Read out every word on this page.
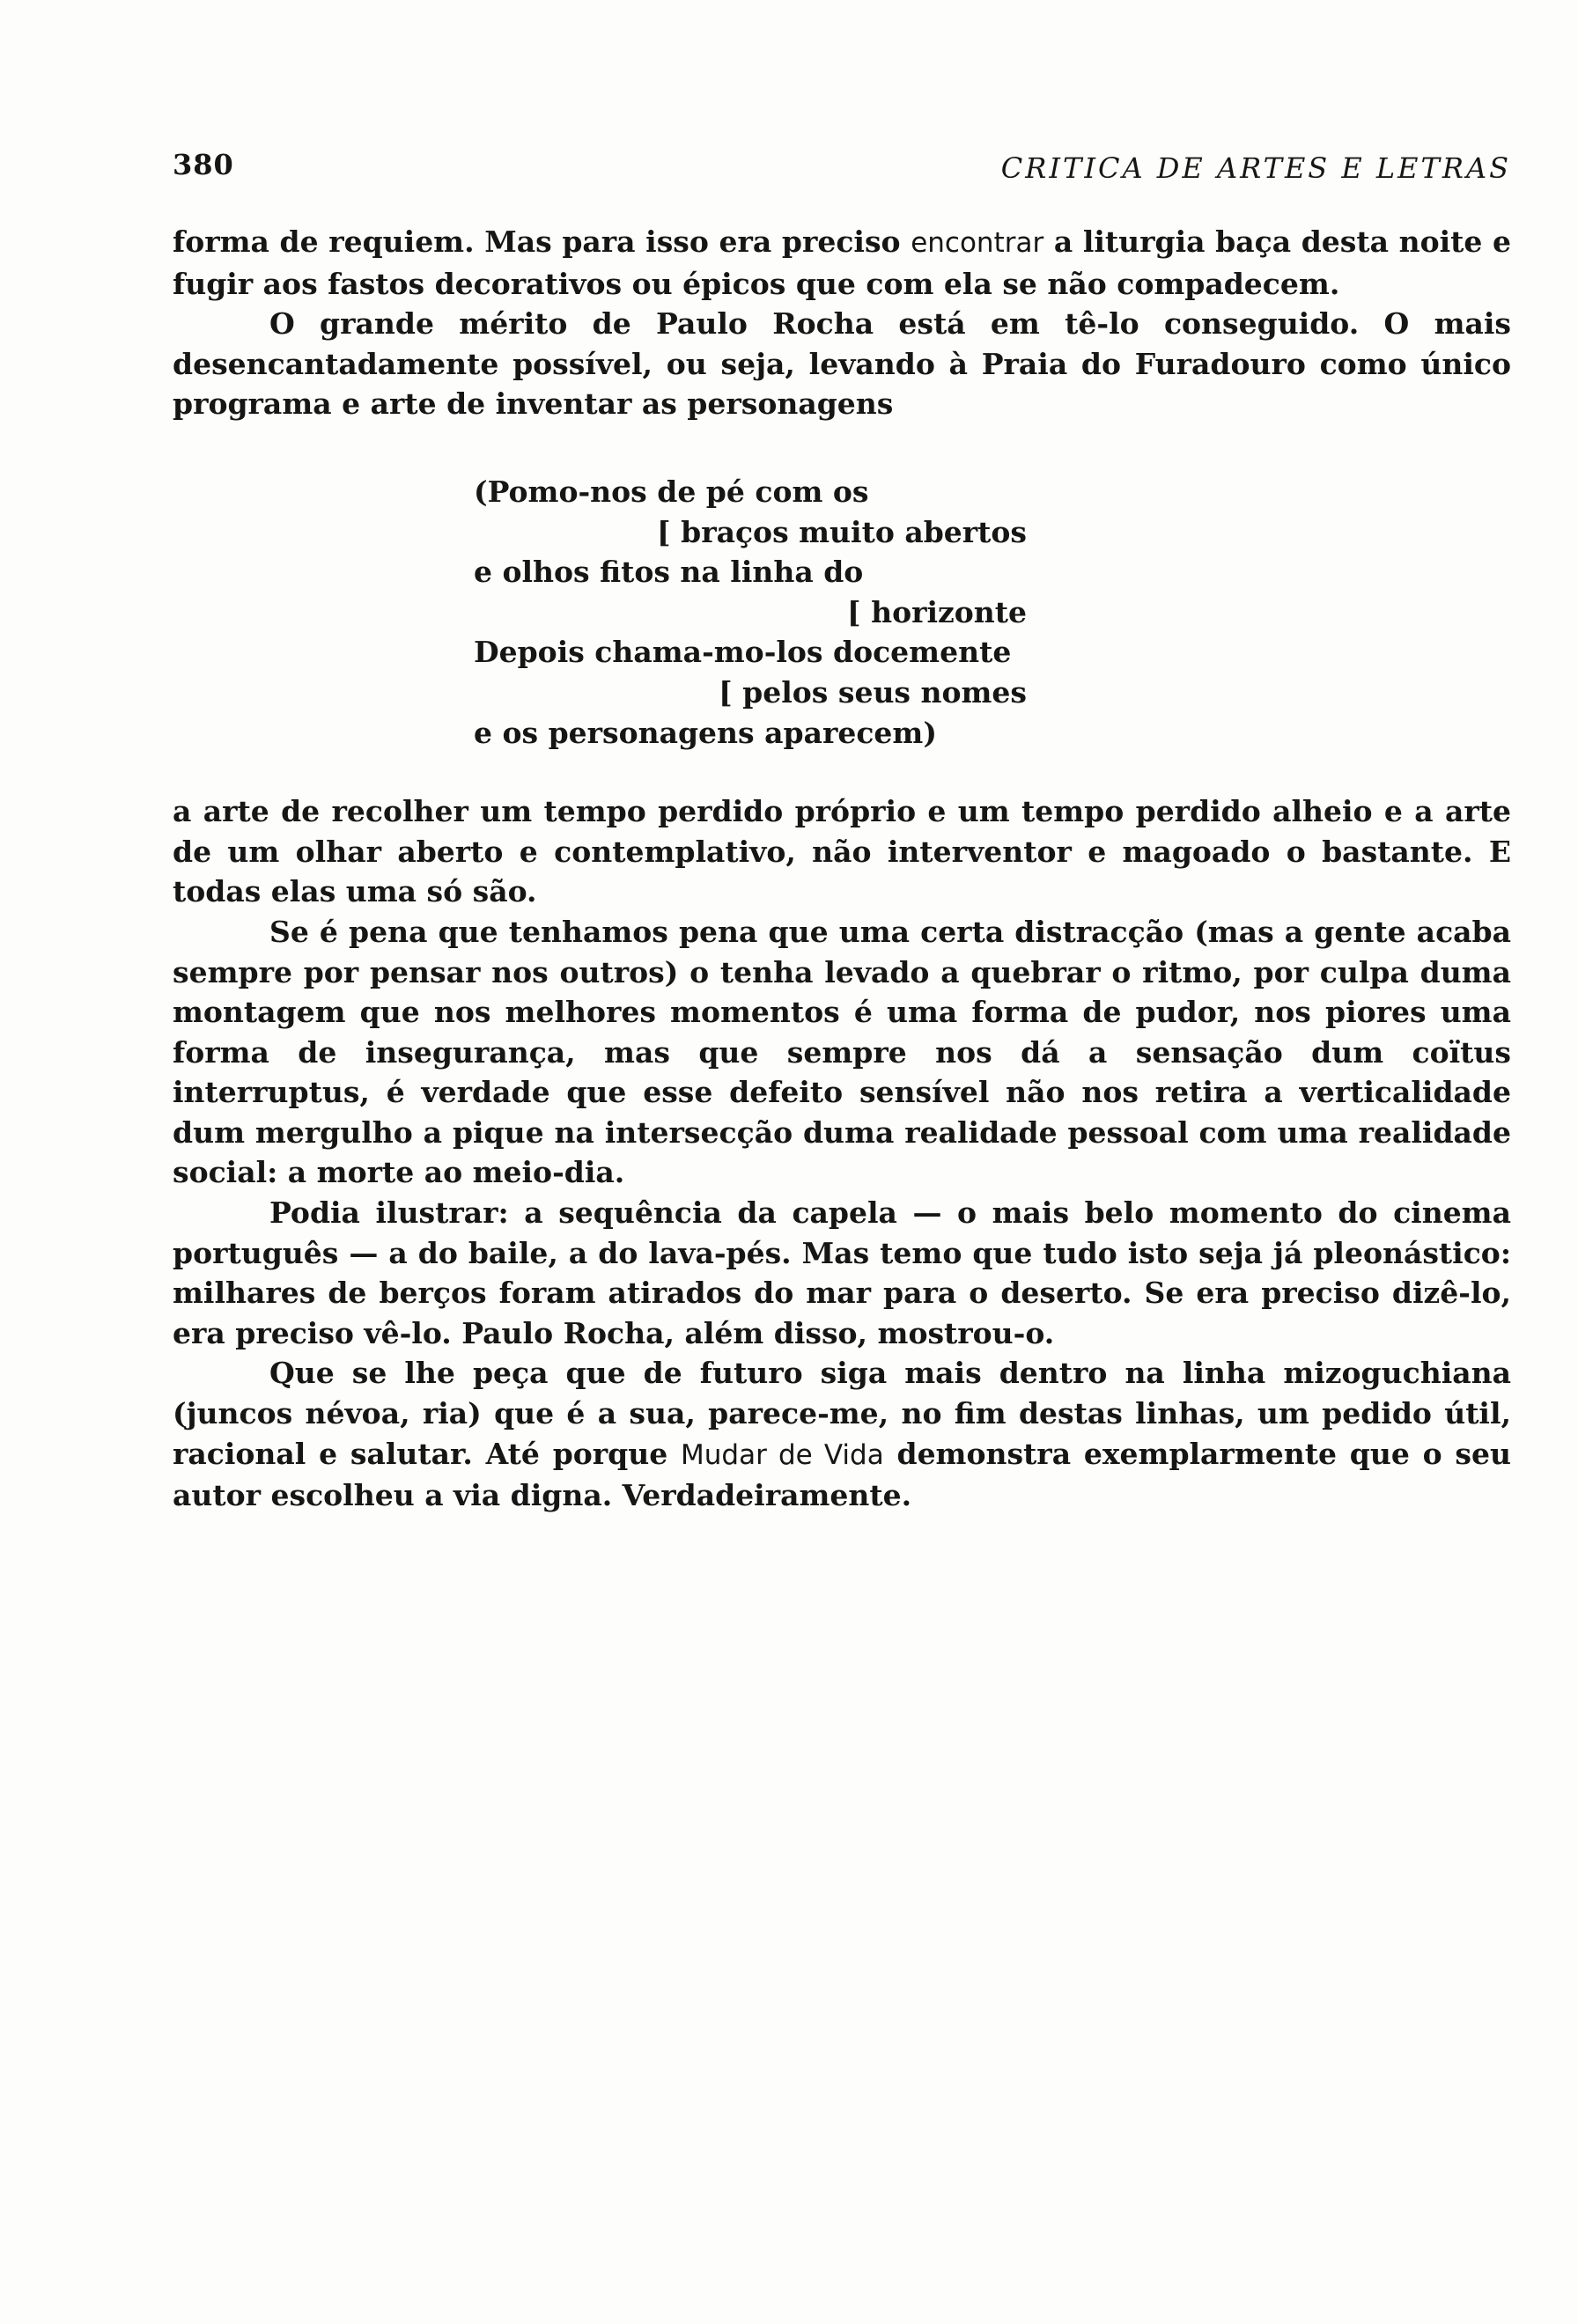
380	CRITICA DE ARTES E LETRAS

forma de requiem. Mas para isso era preciso encontrar a liturgia baça desta noite e fugir aos fastos decorativos ou épicos que com ela se não compadecem.

O grande mérito de Paulo Rocha está em tê-lo conseguido. O mais desencantadamente possível, ou seja, levando à Praia do Furadouro como único programa e arte de inventar as personagens

(Pomo-nos de pé com os
[ braços muito abertos
e olhos fitos na linha do
[ horizonte
Depois chama-mo-los docemente
[ pelos seus nomes
e os personagens aparecem)

a arte de recolher um tempo perdido próprio e um tempo perdido alheio e a arte de um olhar aberto e contemplativo, não interventor e magoado o bastante. E todas elas uma só são.

Se é pena que tenhamos pena que uma certa distracção (mas a gente acaba sempre por pensar nos outros) o tenha levado a quebrar o ritmo, por culpa duma montagem que nos melhores momentos é uma forma de pudor, nos piores uma forma de insegurança, mas que sempre nos dá a sensação dum coïtus interruptus, é verdade que esse defeito sensível não nos retira a verticalidade dum mergulho a pique na intersecção duma realidade pessoal com uma realidade social: a morte ao meio-dia.

Podia ilustrar: a sequência da capela — o mais belo momento do cinema português — a do baile, a do lava-pés. Mas temo que tudo isto seja já pleonástico: milhares de berços foram atirados do mar para o deserto. Se era preciso dizê-lo, era preciso vê-lo. Paulo Rocha, além disso, mostrou-o.

Que se lhe peça que de futuro siga mais dentro na linha mizoguchiana (juncos névoa, ria) que é a sua, parece-me, no fim destas linhas, um pedido útil, racional e salutar. Até porque Mudar de Vida demonstra exemplarmente que o seu autor escolheu a via digna. Verdadeiramente.
